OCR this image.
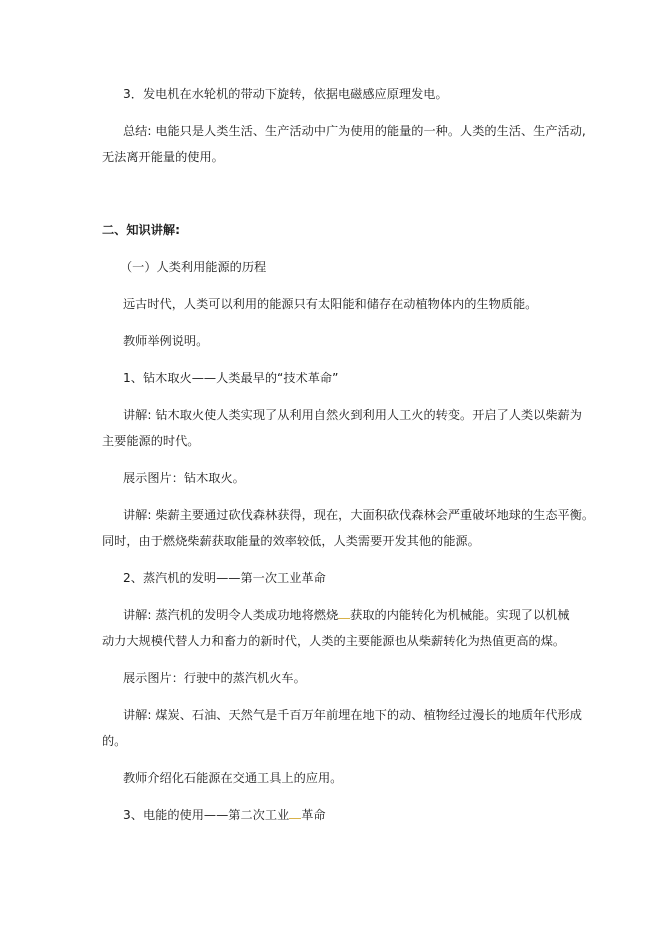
3．发电机在水轮机的带动下旋转，依据电磁感应原理发电。
总结: 电能只是人类生活、生产活动中广为使用的能量的一种。人类的生活、生产活动,
无法离开能量的使用。
二、知识讲解:
（一）人类利用能源的历程
远古时代，人类可以利用的能源只有太阳能和储存在动植物体内的生物质能。
教师举例说明。
1、钻木取火——人类最早的“技术革命”
讲解: 钻木取火使人类实现了从利用自然火到利用人工火的转变。开启了人类以柴薪为
主要能源的时代。
展示图片：钻木取火。
讲解: 柴薪主要通过砍伐森林获得，现在，大面积砍伐森林会严重破坏地球的生态平衡。
同时，由于燃烧柴薪获取能量的效率较低，人类需要开发其他的能源。
2、蒸汽机的发明——第一次工业革命
讲解: 蒸汽机的发明令人类成功地将燃烧 获取的内能转化为机械能。实现了以机械
动力大规模代替人力和畜力的新时代，人类的主要能源也从柴薪转化为热值更高的煤。
展示图片：行驶中的蒸汽机火车。
讲解: 煤炭、石油、天然气是千百万年前埋在地下的动、植物经过漫长的地质年代形成
的。
教师介绍化石能源在交通工具上的应用。
3、电能的使用——第二次工业 革命
